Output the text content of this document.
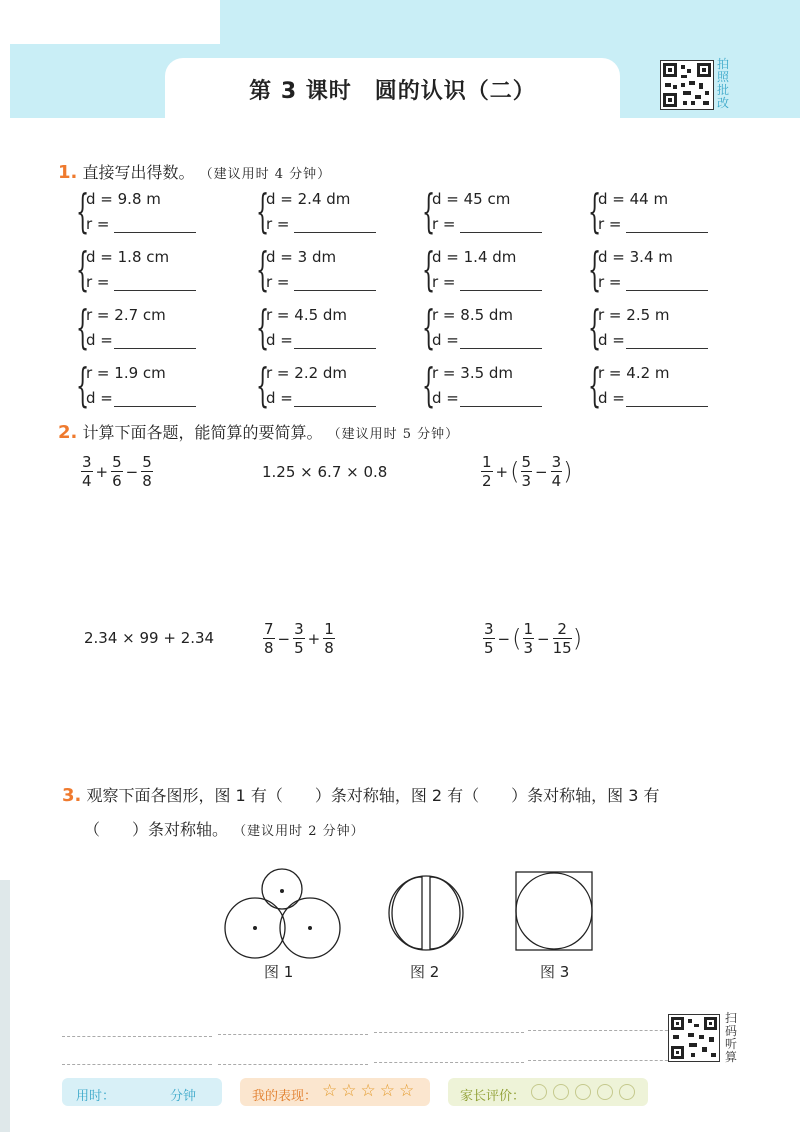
第 3 课时　圆的认识（二）
拍
照
批
改
1. 直接写出得数。 （建议用时 4 分钟）
{
d = 9.8 m
r =	{
d = 2.4 dm
r =	{
d = 45 cm
r =	{
d = 44 m
r =
{
d = 1.8 cm
r =	{
d = 3 dm
r =	{
d = 1.4 dm
r =	{
d = 3.4 m
r =
{
r = 2.7 cm
d =	{
r = 4.5 dm
d =	{
r = 8.5 dm
d =	{
r = 2.5 m
d =
{
r = 1.9 cm
d =	{
r = 2.2 dm
d =	{
r = 3.5 dm
d =	{
r = 4.2 m
d =
2. 计算下面各题，能简算的要简算。 （建议用时 5 分钟）
$\frac{3}{4} + \frac{5}{6} - \frac{5}{8}$	1.25 × 6.7 × 0.8	$\frac{1}{2}$ +( $\frac{5}{3} - \frac{3}{4}$ )
2.34 × 99 + 2.34	$\frac{7}{8} - \frac{3}{5} + \frac{1}{8}$	$\frac{3}{5}$ −( $\frac{1}{3} - \frac{2}{15}$ )
3. 观察下面各图形，图 1 有（　　）条对称轴，图 2 有（　　）条对称轴，图 3 有
（　　）条对称轴。 （建议用时 2 分钟）
图 1	图 2	图 3
扫
码
听
算
用时：	分钟	我的表现： ☆ ☆ ☆ ☆ ☆	家长评价：
